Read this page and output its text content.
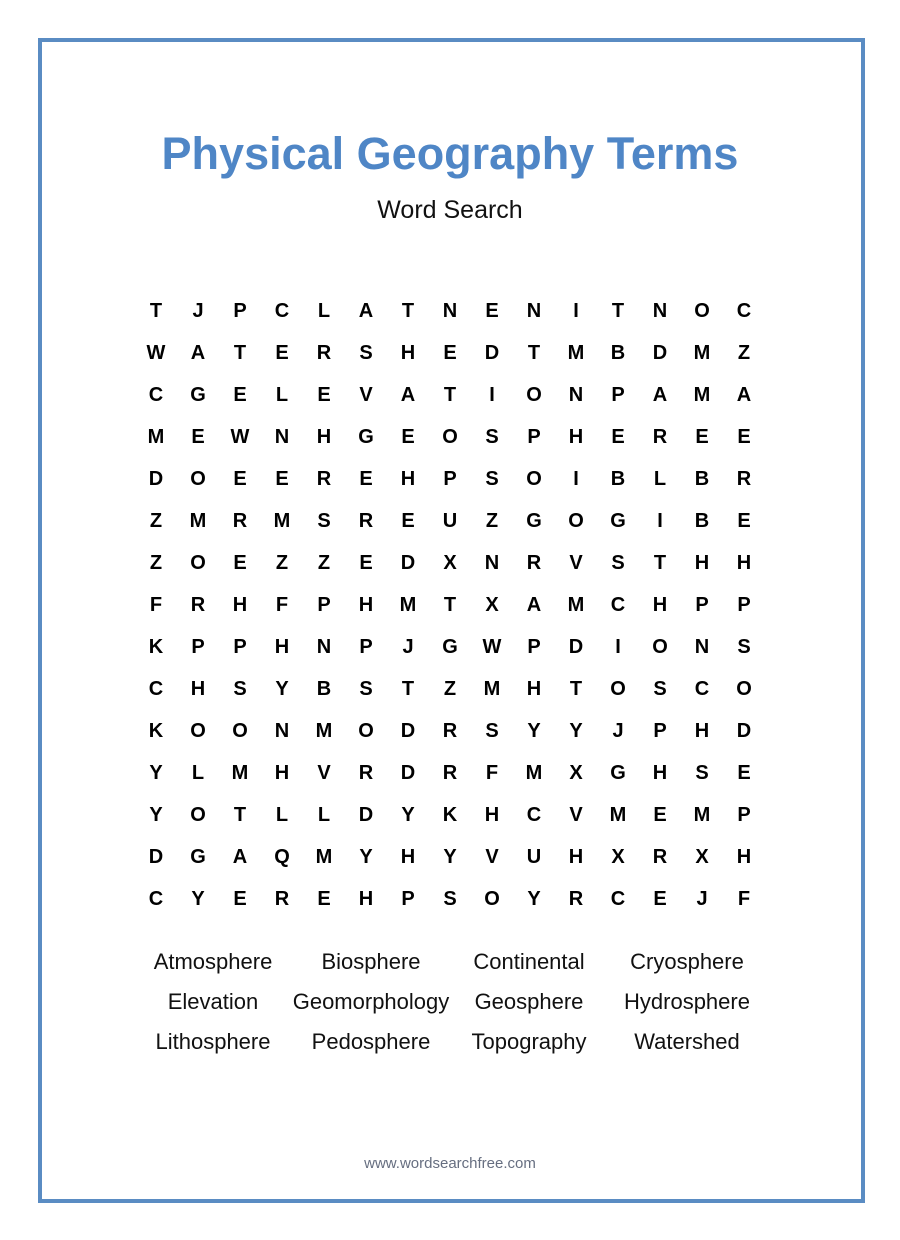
Physical Geography Terms
Word Search
T	J	P	C	L	A	T	N	E	N	I	T	N	O	C
W	A	T	E	R	S	H	E	D	T	M	B	D	M	Z
C	G	E	L	E	V	A	T	I	O	N	P	A	M	A
M	E	W	N	H	G	E	O	S	P	H	E	R	E	E
D	O	E	E	R	E	H	P	S	O	I	B	L	B	R
Z	M	R	M	S	R	E	U	Z	G	O	G	I	B	E
Z	O	E	Z	Z	E	D	X	N	R	V	S	T	H	H
F	R	H	F	P	H	M	T	X	A	M	C	H	P	P
K	P	P	H	N	P	J	G	W	P	D	I	O	N	S
C	H	S	Y	B	S	T	Z	M	H	T	O	S	C	O
K	O	O	N	M	O	D	R	S	Y	Y	J	P	H	D
Y	L	M	H	V	R	D	R	F	M	X	G	H	S	E
Y	O	T	L	L	D	Y	K	H	C	V	M	E	M	P
D	G	A	Q	M	Y	H	Y	V	U	H	X	R	X	H
C	Y	E	R	E	H	P	S	O	Y	R	C	E	J	F
Atmosphere	Biosphere	Continental	Cryosphere
Elevation	Geomorphology	Geosphere	Hydrosphere
Lithosphere	Pedosphere	Topography	Watershed
www.wordsearchfree.com
